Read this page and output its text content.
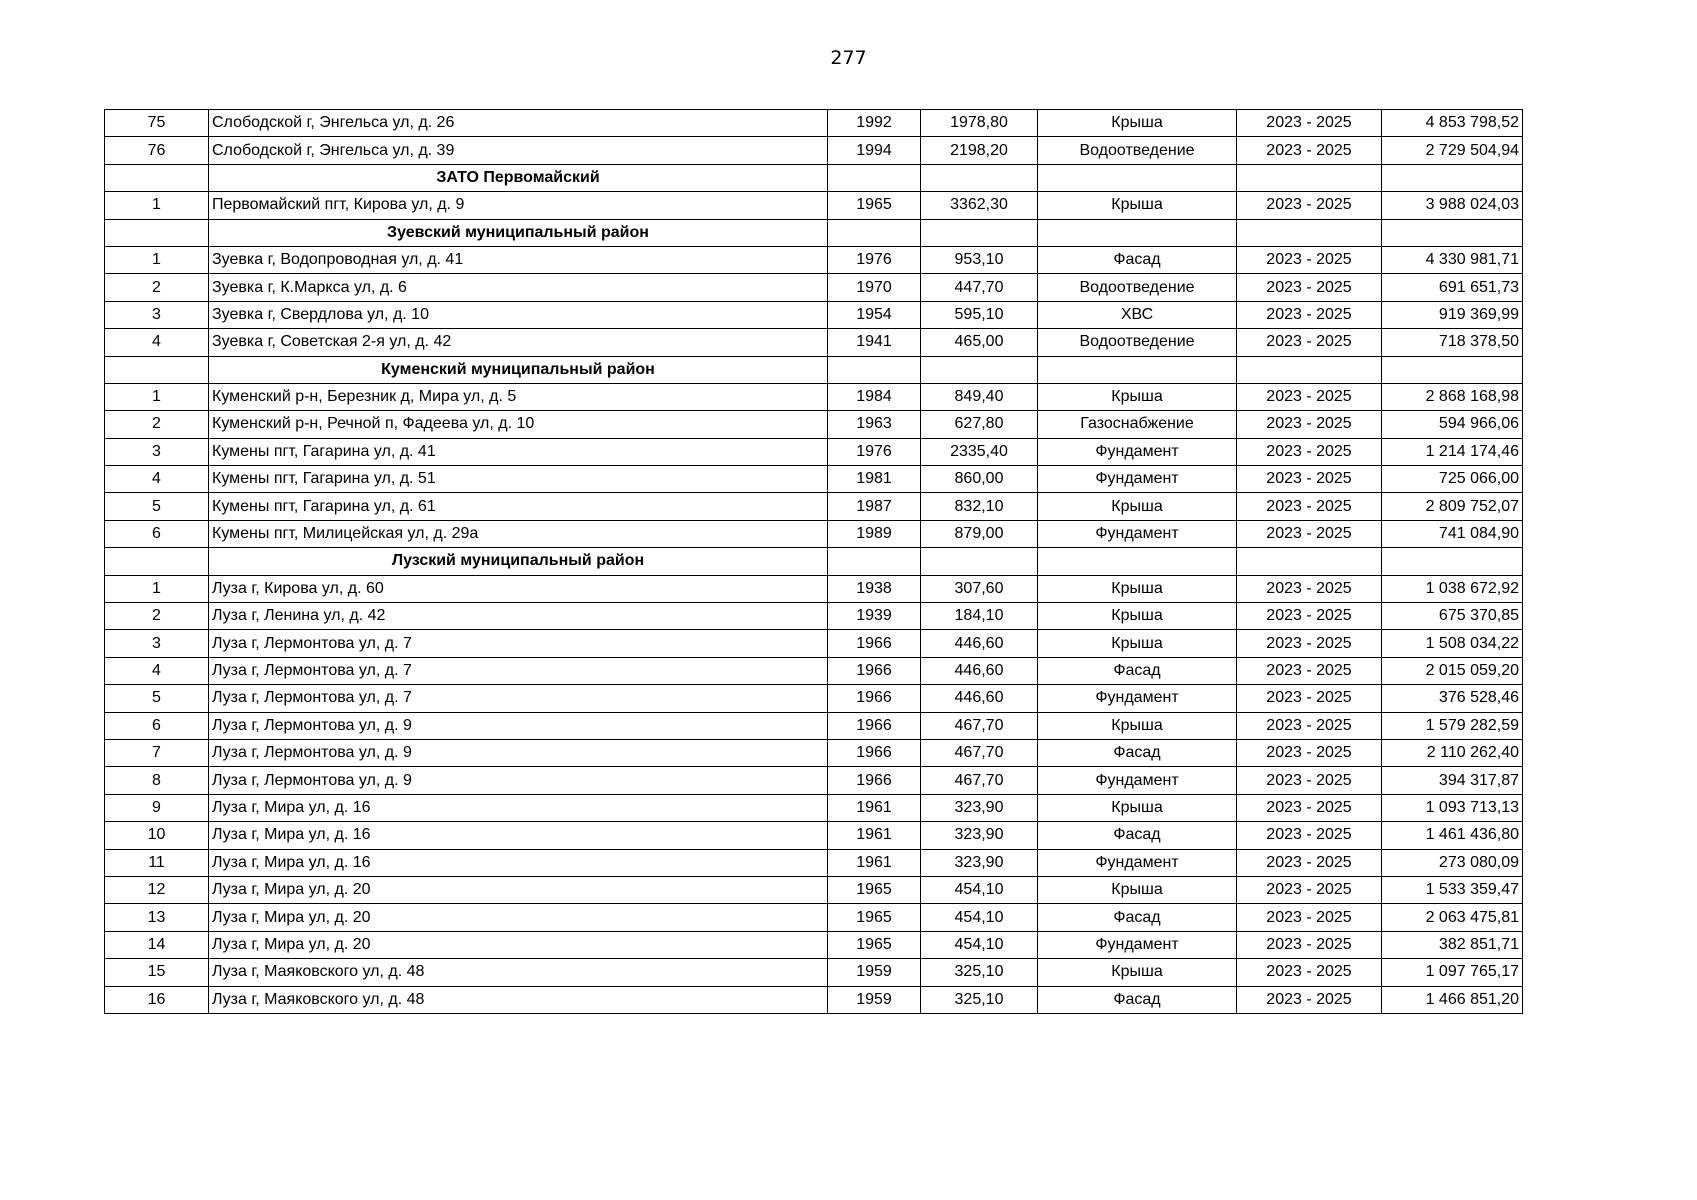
277
75	Слободской г, Энгельса ул, д. 26	1992	1978,80	Крыша	2023 - 2025	4 853 798,52
76	Слободской г, Энгельса ул, д. 39	1994	2198,20	Водоотведение	2023 - 2025	2 729 504,94
	ЗАТО Первомайский					
1	Первомайский пгт, Кирова ул, д. 9	1965	3362,30	Крыша	2023 - 2025	3 988 024,03
	Зуевский муниципальный район					
1	Зуевка г, Водопроводная ул, д. 41	1976	953,10	Фасад	2023 - 2025	4 330 981,71
2	Зуевка г, К.Маркса ул, д. 6	1970	447,70	Водоотведение	2023 - 2025	691 651,73
3	Зуевка г, Свердлова ул, д. 10	1954	595,10	ХВС	2023 - 2025	919 369,99
4	Зуевка г, Советская 2-я ул, д. 42	1941	465,00	Водоотведение	2023 - 2025	718 378,50
	Куменский муниципальный район					
1	Куменский р-н, Березник д, Мира ул, д. 5	1984	849,40	Крыша	2023 - 2025	2 868 168,98
2	Куменский р-н, Речной п, Фадеева ул, д. 10	1963	627,80	Газоснабжение	2023 - 2025	594 966,06
3	Кумены пгт, Гагарина ул, д. 41	1976	2335,40	Фундамент	2023 - 2025	1 214 174,46
4	Кумены пгт, Гагарина ул, д. 51	1981	860,00	Фундамент	2023 - 2025	725 066,00
5	Кумены пгт, Гагарина ул, д. 61	1987	832,10	Крыша	2023 - 2025	2 809 752,07
6	Кумены пгт, Милицейская ул, д. 29а	1989	879,00	Фундамент	2023 - 2025	741 084,90
	Лузский муниципальный район					
1	Луза г, Кирова ул, д. 60	1938	307,60	Крыша	2023 - 2025	1 038 672,92
2	Луза г, Ленина ул, д. 42	1939	184,10	Крыша	2023 - 2025	675 370,85
3	Луза г, Лермонтова ул, д. 7	1966	446,60	Крыша	2023 - 2025	1 508 034,22
4	Луза г, Лермонтова ул, д. 7	1966	446,60	Фасад	2023 - 2025	2 015 059,20
5	Луза г, Лермонтова ул, д. 7	1966	446,60	Фундамент	2023 - 2025	376 528,46
6	Луза г, Лермонтова ул, д. 9	1966	467,70	Крыша	2023 - 2025	1 579 282,59
7	Луза г, Лермонтова ул, д. 9	1966	467,70	Фасад	2023 - 2025	2 110 262,40
8	Луза г, Лермонтова ул, д. 9	1966	467,70	Фундамент	2023 - 2025	394 317,87
9	Луза г, Мира ул, д. 16	1961	323,90	Крыша	2023 - 2025	1 093 713,13
10	Луза г, Мира ул, д. 16	1961	323,90	Фасад	2023 - 2025	1 461 436,80
11	Луза г, Мира ул, д. 16	1961	323,90	Фундамент	2023 - 2025	273 080,09
12	Луза г, Мира ул, д. 20	1965	454,10	Крыша	2023 - 2025	1 533 359,47
13	Луза г, Мира ул, д. 20	1965	454,10	Фасад	2023 - 2025	2 063 475,81
14	Луза г, Мира ул, д. 20	1965	454,10	Фундамент	2023 - 2025	382 851,71
15	Луза г, Маяковского ул, д. 48	1959	325,10	Крыша	2023 - 2025	1 097 765,17
16	Луза г, Маяковского ул, д. 48	1959	325,10	Фасад	2023 - 2025	1 466 851,20
